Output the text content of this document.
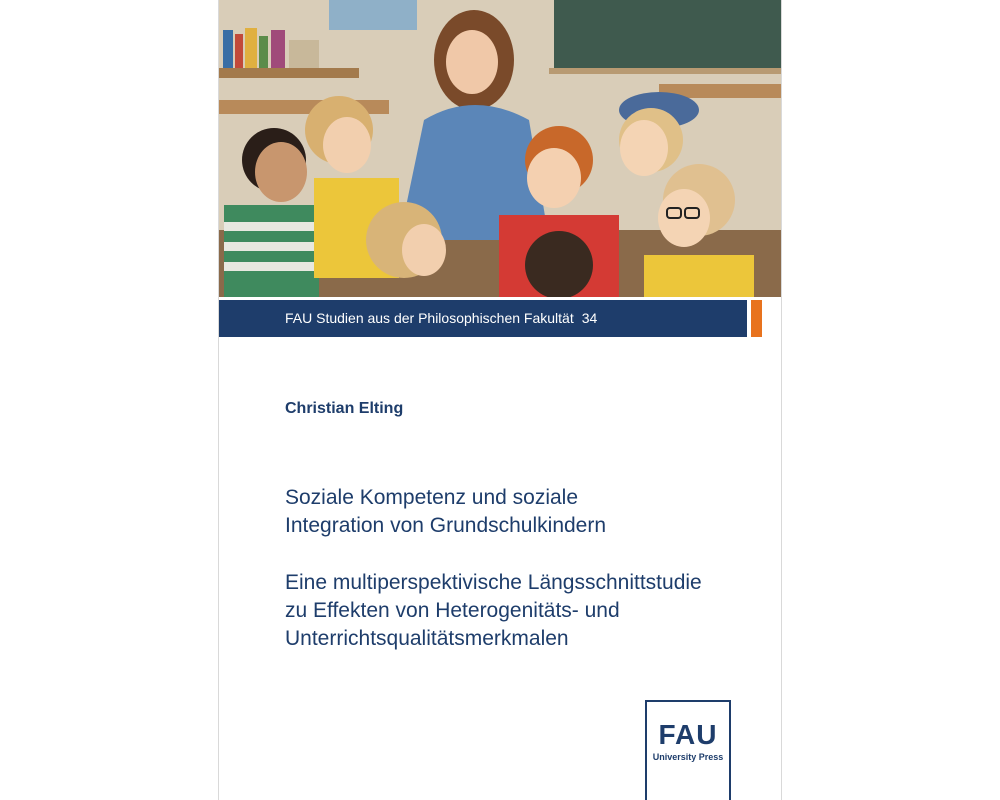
FAU Studien aus der Philosophischen Fakultät 34
Christian Elting
Soziale Kompetenz und soziale
Integration von Grundschulkindern
Eine multiperspektivische Längsschnittstudie
zu Effekten von Heterogenitäts- und
Unterrichtsqualitätsmerkmalen
FAU
University Press
